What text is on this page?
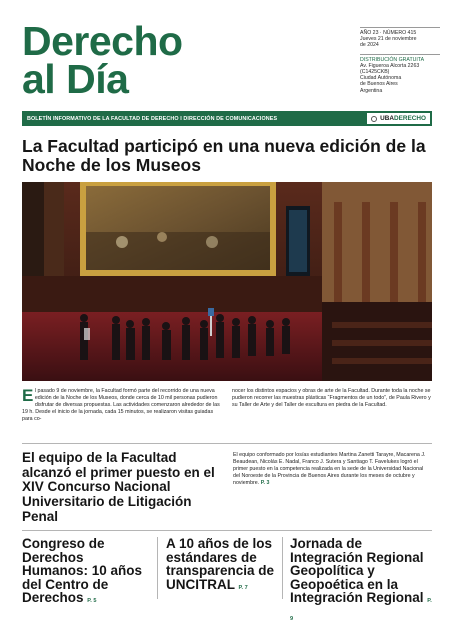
Derecho
al Día
AÑO 23 · NÚMERO 415
Jueves 21 de noviembre
de 2024
DISTRIBUCIÓN GRATUITA
Av. Figueroa Alcorta 2263
(C1425CKB)
Ciudad Autónoma
de Buenos Aires
Argentina
BOLETÍN INFORMATIVO DE LA FACULTAD DE DERECHO I DIRECCIÓN DE COMUNICACIONES	UBA DERECHO
La Facultad participó en una nueva edición de la Noche de los Museos
El pasado 9 de noviembre, la Facultad formó parte del recorrido de una nueva edición de la Noche de los Museos, donde cerca de 10 mil personas pudieron disfrutar de diversas propuestas. Las actividades comenzaron alrededor de las 19 h. Desde el inicio de la jornada, cada 15 minutos, se realizaron visitas guiadas para co-
nocer los distintos espacios y obras de arte de la Facultad. Durante toda la noche se pudieron recorrer las muestras plásticas “Fragmentos de un todo”, de Paula Rivero y su Taller de Arte y del Taller de escultura en piedra de la Facultad.
El equipo de la Facultad alcanzó el primer puesto en el XIV Concurso Nacional Universitario de Litigación Penal
El equipo conformado por los/as estudiantes Martina Zanetti Tarayre, Macarena J. Beaudean, Nicolás E. Nadal, Franco J. Sutera y Santiago T. Favelukes logró el primer puesto en la competencia realizada en la sede de la Universidad Nacional del Noroeste de la Provincia de Buenos Aires durante los meses de octubre y noviembre. P. 3
Congreso de Derechos Humanos: 10 años del Centro de Derechos P. 5
A 10 años de los estándares de transparencia de UNCITRAL P. 7
Jornada de Integración Regional Geopolítica y Geopoética en la Integración Regional P. 9
